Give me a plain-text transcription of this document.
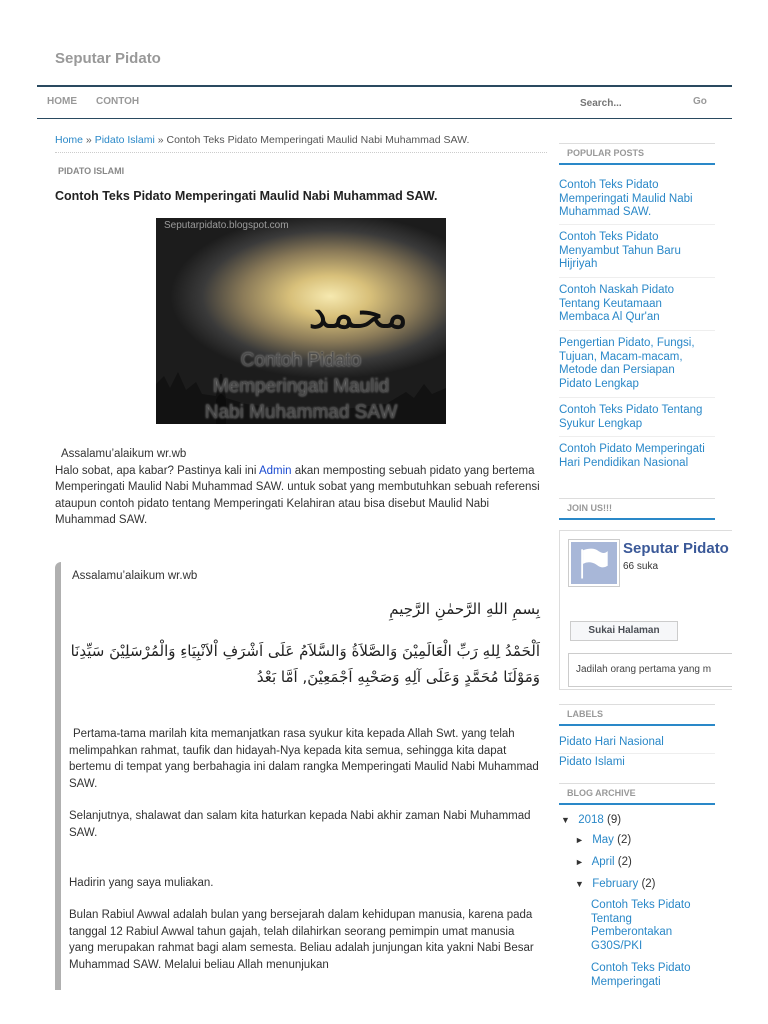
Seputar Pidato
HOME CONTOH
Search...	Go
Home » Pidato Islami » Contoh Teks Pidato Memperingati Maulid Nabi Muhammad SAW.
PIDATO ISLAMI
Contoh Teks Pidato Memperingati Maulid Nabi Muhammad SAW.
Seputarpidato.blogspot.com
محمد
Contoh Pidato
Memperingati Maulid
Nabi Muhammad SAW
Assalamu’alaikum wr.wb
Halo sobat, apa kabar? Pastinya kali ini Admin akan memposting sebuah pidato yang bertema Memperingati Maulid Nabi Muhammad SAW. untuk sobat yang membutuhkan sebuah referensi ataupun contoh pidato tentang Memperingati Kelahiran atau bisa disebut Maulid Nabi Muhammad SAW.
Assalamu’alaikum wr.wb
بِسمِ اللهِ الرَّحمٰنِ الرَّحِيمِ
اَلْحَمْدُ لِلهِ رَبِّ الْعَالَمِيْنَ وَالصَّلاَةُ وَالسَّلاَمُ عَلَى اَشْرَفِ اْلاَنْبِيَاءِ وَالْمُرْسَلِيْنَ سَيِّدِنَا وَمَوْلَنَا مُحَمَّدٍ وَعَلَى آلِهِ وَصَحْبِهِ اَجْمَعِيْنَ, اَمَّا بَعْدُ
Pertama-tama marilah kita memanjatkan rasa syukur kita kepada Allah Swt. yang telah melimpahkan rahmat, taufik dan hidayah-Nya kepada kita semua, sehingga kita dapat bertemu di tempat yang berbahagia ini dalam rangka Memperingati Maulid Nabi Muhammad SAW.
Selanjutnya, shalawat dan salam kita haturkan kepada Nabi akhir zaman Nabi Muhammad SAW.
Hadirin yang saya muliakan.
Bulan Rabiul Awwal adalah bulan yang bersejarah dalam kehidupan manusia, karena pada tanggal 12 Rabiul Awwal tahun gajah, telah dilahirkan seorang pemimpin umat manusia yang merupakan rahmat bagi alam semesta. Beliau adalah junjungan kita yakni Nabi Besar Muhammad SAW. Melalui beliau Allah menunjukan
POPULAR POSTS
Contoh Teks Pidato Memperingati Maulid Nabi Muhammad SAW.
Contoh Teks Pidato Menyambut Tahun Baru Hijriyah
Contoh Naskah Pidato Tentang Keutamaan Membaca Al Qur'an
Pengertian Pidato, Fungsi, Tujuan, Macam-macam, Metode dan Persiapan Pidato Lengkap
Contoh Teks Pidato Tentang Syukur Lengkap
Contoh Pidato Memperingati Hari Pendidikan Nasional
JOIN US!!!
Seputar Pidato
66 suka
Sukai Halaman
Jadilah orang pertama yang m
LABELS
Pidato Hari Nasional
Pidato Islami
BLOG ARCHIVE
▼ 2018 (9)
► May (2)
► April (2)
▼ February (2)
Contoh Teks Pidato Tentang Pemberontakan G30S/PKI
Contoh Teks Pidato Memperingati
